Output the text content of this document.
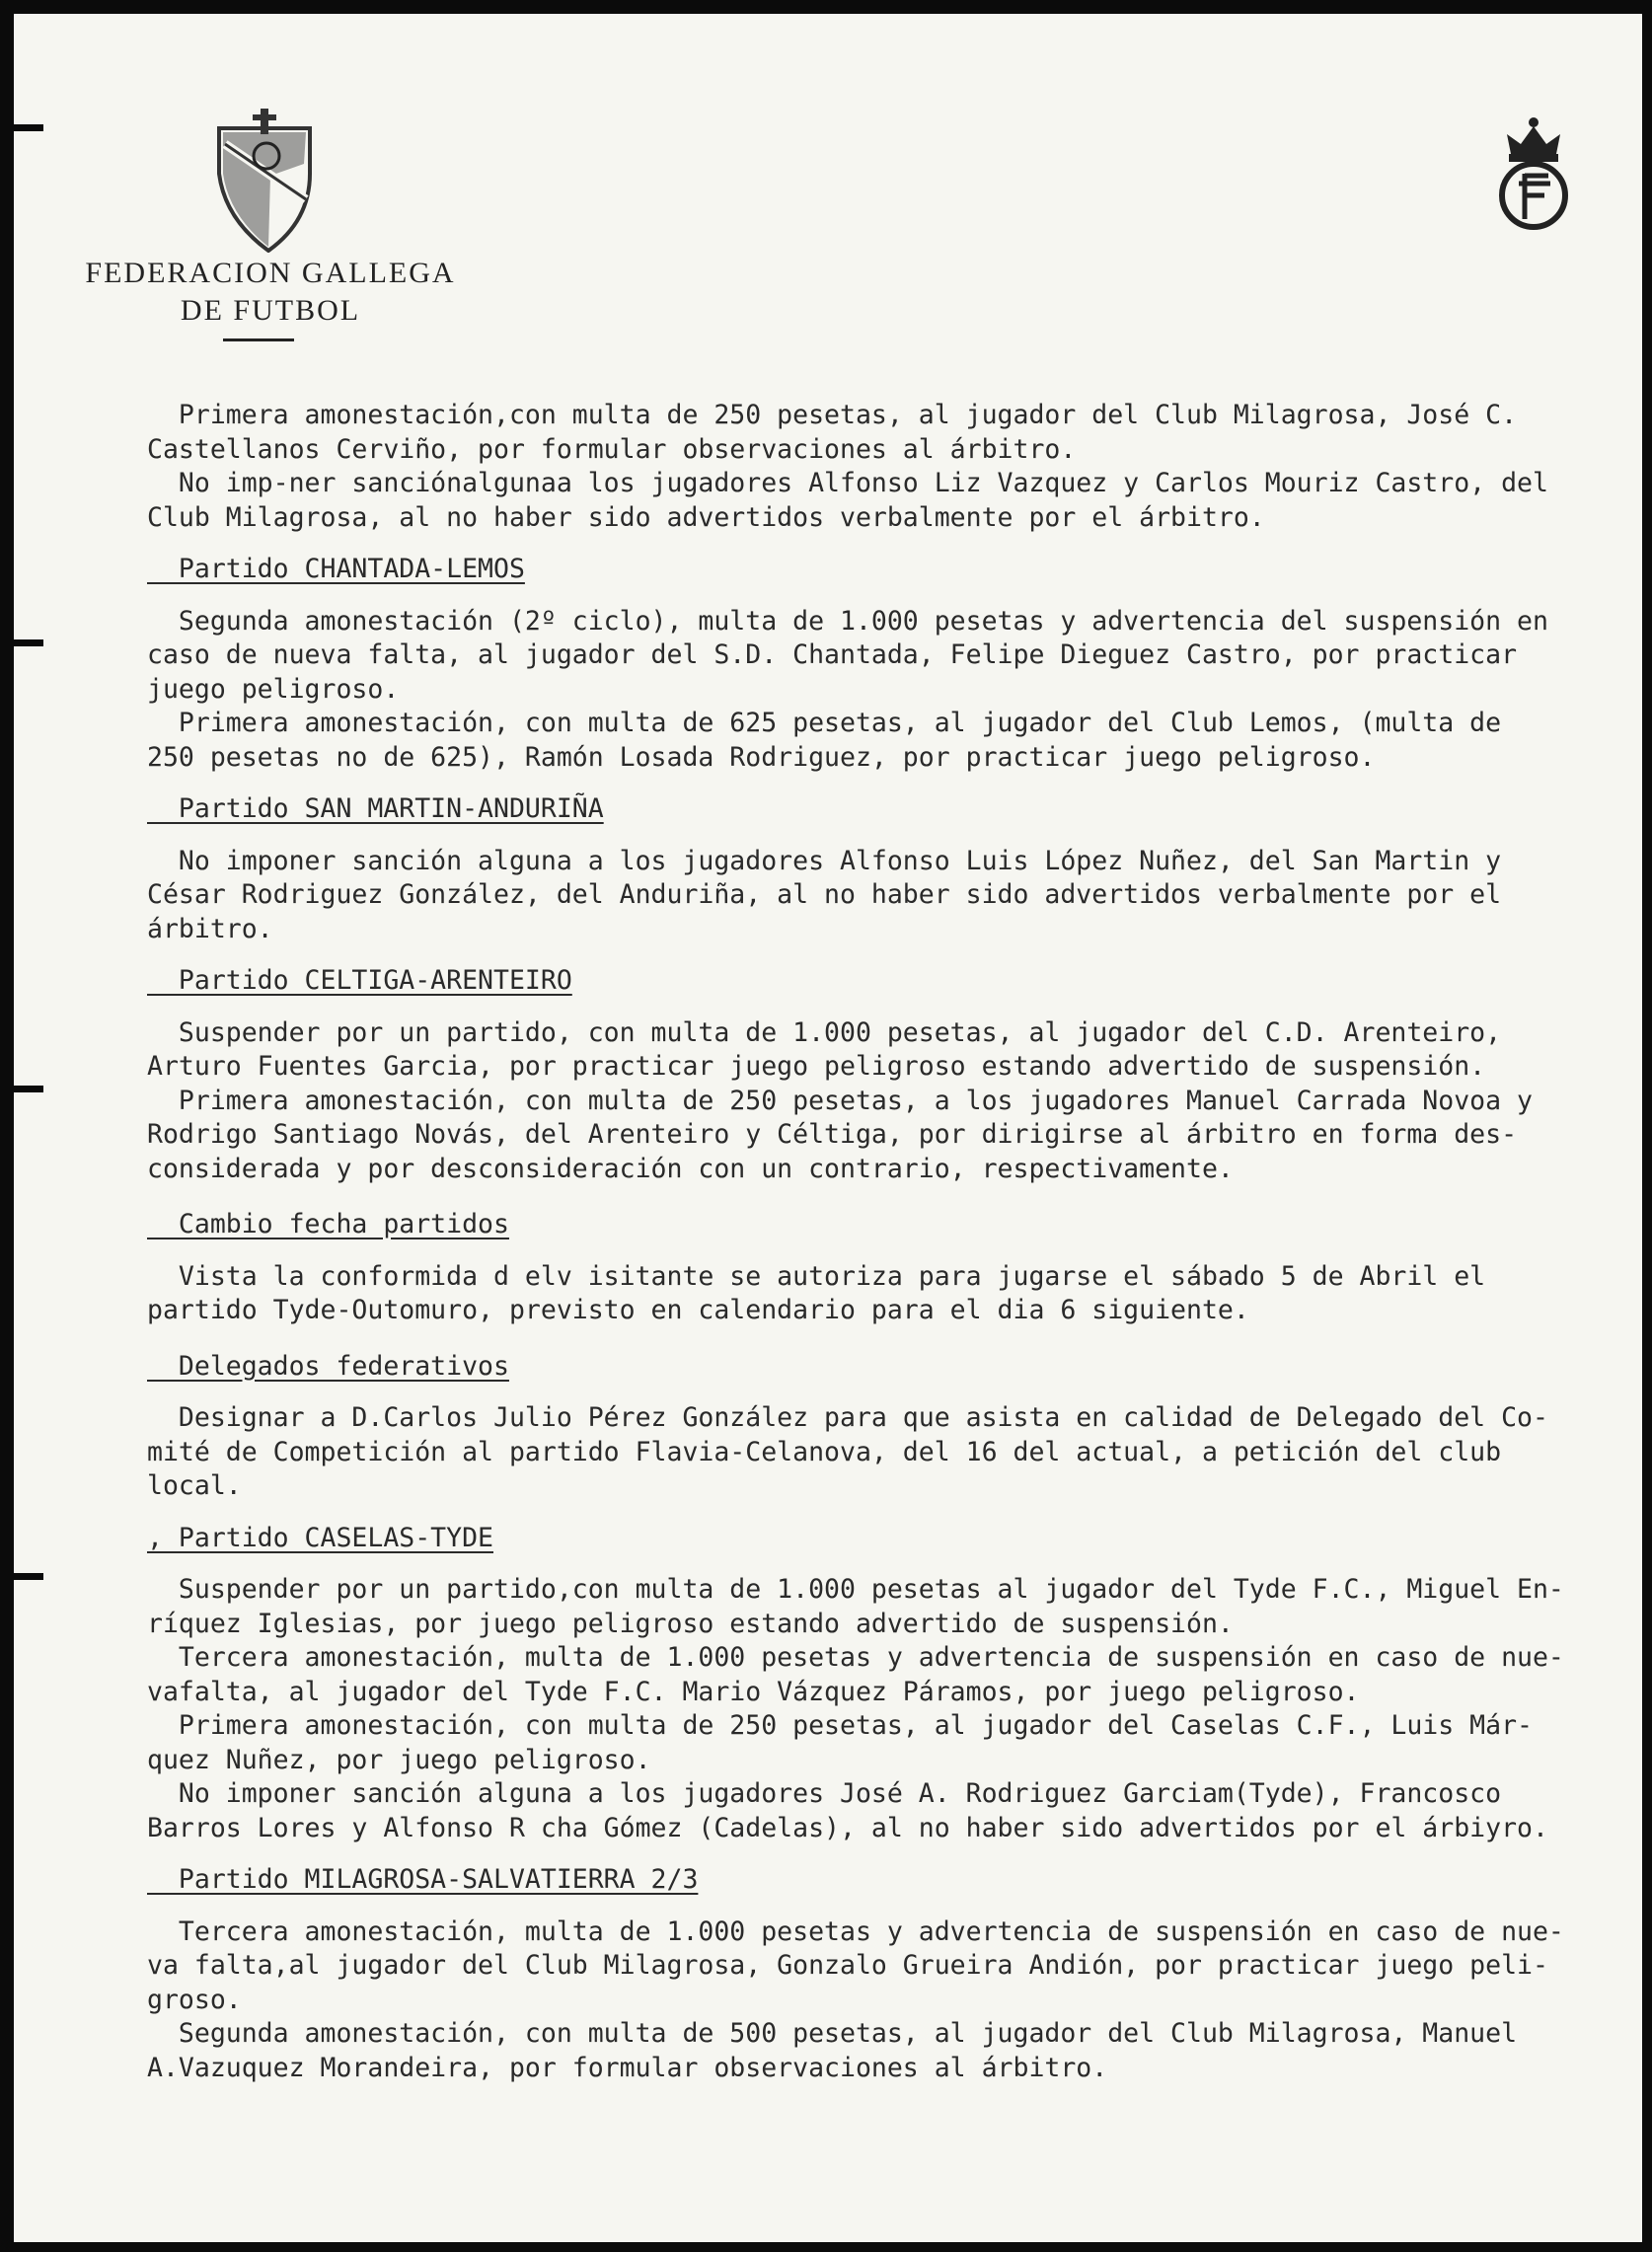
FEDERACION GALLEGA
DE FUTBOL

Primera amonestación,con multa de 250 pesetas, al jugador del Club Milagrosa, José C.

Castellanos Cerviño, por formular observaciones al árbitro.

No imp-ner sanciónalgunaa los jugadores Alfonso Liz Vazquez y Carlos Mouriz Castro, del

Club Milagrosa, al no haber sido advertidos verbalmente por el árbitro.

Partido CHANTADA-LEMOS

Segunda amonestación (2º ciclo), multa de 1.000 pesetas y advertencia del suspensión en

caso de nueva falta, al jugador del S.D. Chantada, Felipe Dieguez Castro, por practicar

juego peligroso.

Primera amonestación, con multa de 625 pesetas, al jugador del Club Lemos, (multa de

250 pesetas no de 625), Ramón Losada Rodriguez, por practicar juego peligroso.

Partido SAN MARTIN-ANDURIÑA

No imponer sanción alguna a los jugadores Alfonso Luis López Nuñez, del San Martin y

César Rodriguez González, del Anduriña, al no haber sido advertidos verbalmente por el

árbitro.

Partido CELTIGA-ARENTEIRO

Suspender por un partido, con multa de 1.000 pesetas, al jugador del C.D. Arenteiro,

Arturo Fuentes Garcia, por practicar juego peligroso estando advertido de suspensión.

Primera amonestación, con multa de 250 pesetas, a los jugadores Manuel Carrada Novoa y

Rodrigo Santiago Novás, del Arenteiro y Céltiga, por dirigirse al árbitro en forma des-

considerada y por desconsideración con un contrario, respectivamente.

Cambio fecha partidos

Vista la conformida d elv isitante se autoriza para jugarse el sábado 5 de Abril el

partido Tyde-Outomuro, previsto en calendario para el dia 6 siguiente.

Delegados federativos

Designar a D.Carlos Julio Pérez González para que asista en calidad de Delegado del Co-

mité de Competición al partido Flavia-Celanova, del 16 del actual, a petición del club

local.

, Partido CASELAS-TYDE

Suspender por un partido,con multa de 1.000 pesetas al jugador del Tyde F.C., Miguel En-

ríquez Iglesias, por juego peligroso estando advertido de suspensión.

Tercera amonestación, multa de 1.000 pesetas y advertencia de suspensión en caso de nue-

vafalta, al jugador del Tyde F.C. Mario Vázquez Páramos, por juego peligroso.

Primera amonestación, con multa de 250 pesetas, al jugador del Caselas C.F., Luis Már-

quez Nuñez, por juego peligroso.

No imponer sanción alguna a los jugadores José A. Rodriguez Garciam(Tyde), Francosco

Barros Lores y Alfonso R cha Gómez (Cadelas), al no haber sido advertidos por el árbiyro.

Partido MILAGROSA-SALVATIERRA 2/3

Tercera amonestación, multa de 1.000 pesetas y advertencia de suspensión en caso de nue-

va falta,al jugador del Club Milagrosa, Gonzalo Grueira Andión, por practicar juego peli-

groso.

Segunda amonestación, con multa de 500 pesetas, al jugador del Club Milagrosa, Manuel

A.Vazuquez Morandeira, por formular observaciones al árbitro.
